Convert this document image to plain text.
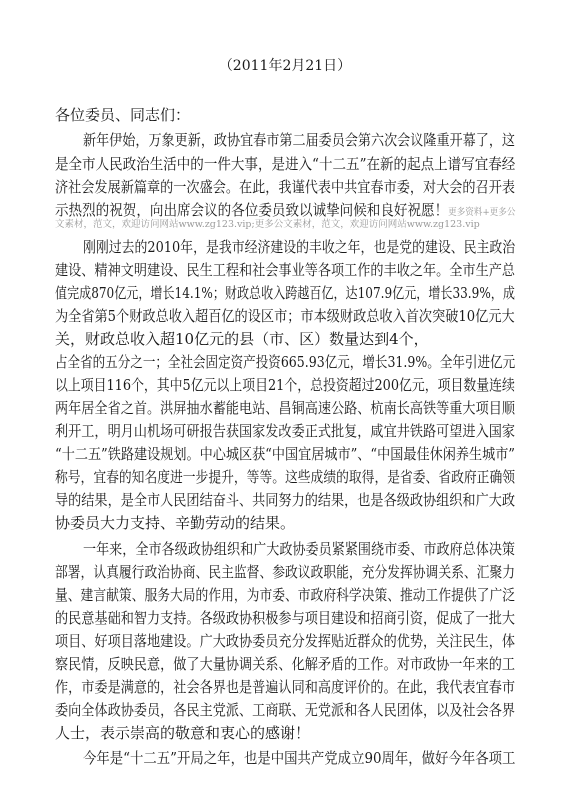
（2011年2月21日）
各位委员、同志们：
新年伊始，万象更新，政协宜春市第二届委员会第六次会议隆重开幕了，这
是全市人民政治生活中的一件大事，是进入“十二五”在新的起点上谱写宜春经
济社会发展新篇章的一次盛会。在此，我谨代表中共宜春市委，对大会的召开表
示热烈的祝贺，向出席会议的各位委员致以诚挚问候和良好祝愿！更多资料+更多公
文素材，范文，欢迎访问网站www.zg123.vip;更多公文素材，范文，欢迎访问网站www.zg123.vip
刚刚过去的2010年，是我市经济建设的丰收之年，也是党的建设、民主政治
建设、精神文明建设、民生工程和社会事业等各项工作的丰收之年。全市生产总
值完成870亿元，增长14.1%；财政总收入跨越百亿，达107.9亿元，增长33.9%，成
为全省第5个财政总收入超百亿的设区市；市本级财政总收入首次突破10亿元大
关，财政总收入超10亿元的县（市、区）数量达到4个，
占全省的五分之一；全社会固定资产投资665.93亿元，增长31.9%。全年引进亿元
以上项目116个，其中5亿元以上项目21个，总投资超过200亿元，项目数量连续
两年居全省之首。洪屏抽水蓄能电站、昌铜高速公路、杭南长高铁等重大项目顺
利开工，明月山机场可研报告获国家发改委正式批复，咸宜井铁路可望进入国家
“十二五”铁路建设规划。中心城区获“中国宜居城市”、“中国最佳休闲养生城市”
称号，宜春的知名度进一步提升，等等。这些成绩的取得，是省委、省政府正确领
导的结果，是全市人民团结奋斗、共同努力的结果，也是各级政协组织和广大政
协委员大力支持、辛勤劳动的结果。
一年来，全市各级政协组织和广大政协委员紧紧围绕市委、市政府总体决策
部署，认真履行政治协商、民主监督、参政议政职能，充分发挥协调关系、汇聚力
量、建言献策、服务大局的作用，为市委、市政府科学决策、推动工作提供了广泛
的民意基础和智力支持。各级政协积极参与项目建设和招商引资，促成了一批大
项目、好项目落地建设。广大政协委员充分发挥贴近群众的优势，关注民生，体
察民情，反映民意，做了大量协调关系、化解矛盾的工作。对市政协一年来的工
作，市委是满意的，社会各界也是普遍认同和高度评价的。在此，我代表宜春市
委向全体政协委员，各民主党派、工商联、无党派和各人民团体，以及社会各界
人士，表示崇高的敬意和衷心的感谢！
今年是“十二五”开局之年，也是中国共产党成立90周年，做好今年各项工
